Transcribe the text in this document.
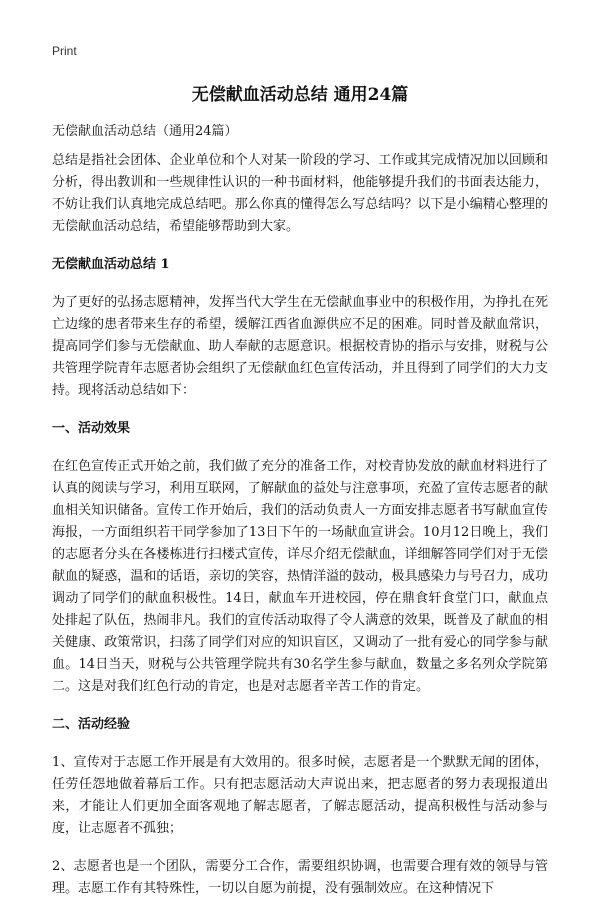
Print
无偿献血活动总结 通用24篇

无偿献血活动总结（通用24篇）

总结是指社会团体、企业单位和个人对某一阶段的学习、工作或其完成情况加以回顾和分析，得出教训和一些规律性认识的一种书面材料，他能够提升我们的书面表达能力，不妨让我们认真地完成总结吧。那么你真的懂得怎么写总结吗？以下是小编精心整理的无偿献血活动总结，希望能够帮助到大家。

无偿献血活动总结 1

为了更好的弘扬志愿精神，发挥当代大学生在无偿献血事业中的积极作用，为挣扎在死亡边缘的患者带来生存的希望，缓解江西省血源供应不足的困难。同时普及献血常识，提高同学们参与无偿献血、助人奉献的志愿意识。根据校青协的指示与安排，财税与公共管理学院青年志愿者协会组织了无偿献血红色宣传活动，并且得到了同学们的大力支持。现将活动总结如下：

一、活动效果

在红色宣传正式开始之前，我们做了充分的准备工作，对校青协发放的献血材料进行了认真的阅读与学习，利用互联网，了解献血的益处与注意事项，充盈了宣传志愿者的献血相关知识储备。宣传工作开始后，我们的活动负责人一方面安排志愿者书写献血宣传海报，一方面组织若干同学参加了13日下午的一场献血宣讲会。10月12日晚上，我们的志愿者分头在各楼栋进行扫楼式宣传，详尽介绍无偿献血，详细解答同学们对于无偿献血的疑惑，温和的话语，亲切的笑容，热情洋溢的鼓动，极具感染力与号召力，成功调动了同学们的献血积极性。14日，献血车开进校园，停在鼎食轩食堂门口，献血点处排起了队伍，热闹非凡。我们的宣传活动取得了令人满意的效果，既普及了献血的相关健康、政策常识，扫荡了同学们对应的知识盲区，又调动了一批有爱心的同学参与献血。14日当天，财税与公共管理学院共有30名学生参与献血，数量之多名列众学院第二。这是对我们红色行动的肯定，也是对志愿者辛苦工作的肯定。

二、活动经验

1、宣传对于志愿工作开展是有大效用的。很多时候，志愿者是一个默默无闻的团体，任劳任怨地做着幕后工作。只有把志愿活动大声说出来，把志愿者的努力表现报道出来，才能让人们更加全面客观地了解志愿者，了解志愿活动，提高积极性与活动参与度，让志愿者不孤独；

2、志愿者也是一个团队，需要分工合作，需要组织协调，也需要合理有效的领导与管理。志愿工作有其特殊性，一切以自愿为前提，没有强制效应。在这种情况下
